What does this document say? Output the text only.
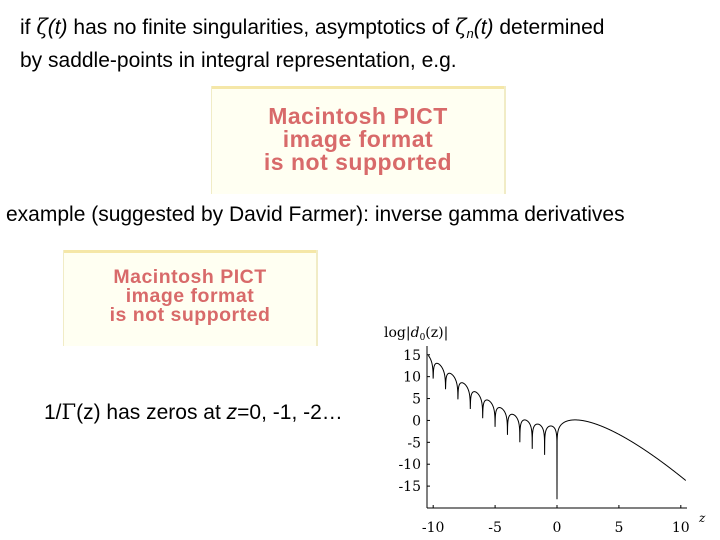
if ζ(t) has no finite singularities, asymptotics of $\zeta_n(t)$ determined
by saddle-points in integral representation, e.g.
Macintosh PICT
image format
is not supported
example (suggested by David Farmer): inverse gamma derivatives
Macintosh PICT
image format
is not supported
1/Γ(z) has zeros at z=0, -1, -2…
$\log|d_0(z)|$
15
10
5
0
-5
-10
-15
-10	-5	0	5	10
z
